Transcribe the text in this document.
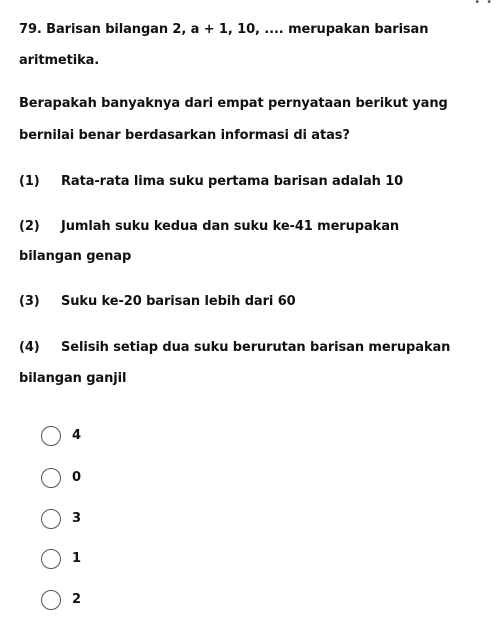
••
79. Barisan bilangan 2, a + 1, 10, .... merupakan barisan
aritmetika.
Berapakah banyaknya dari empat pernyataan berikut yang
bernilai benar berdasarkan informasi di atas?
(1) Rata-rata lima suku pertama barisan adalah 10
(2) Jumlah suku kedua dan suku ke-41 merupakan
bilangan genap
(3) Suku ke-20 barisan lebih dari 60
(4) Selisih setiap dua suku berurutan barisan merupakan
bilangan ganjil
4
0
3
1
2
